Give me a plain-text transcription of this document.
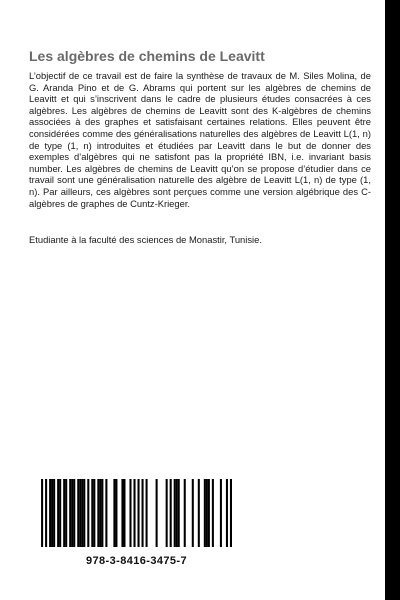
Les algèbres de chemins de Leavitt

L’objectif de ce travail est de faire la synthèse de travaux de M. Siles Molina, de G. Aranda Pino et de G. Abrams qui portent sur les algèbres de chemins de Leavitt et qui s’inscrivent dans le cadre de plusieurs études consacrées à ces algèbres. Les algèbres de chemins de Leavitt sont des K-algèbres de chemins associées à des graphes et satisfaisant certaines relations. Elles peuvent être considérées comme des généralisations naturelles des algèbres de Leavitt L(1, n) de type (1, n) introduites et étudiées par Leavitt dans le but de donner des exemples d’algèbres qui ne satisfont pas la propriété IBN, i.e. invariant basis number. Les algèbres de chemins de Leavitt qu’on se propose d’étudier dans ce travail sont une généralisation naturelle des algèbre de Leavitt L(1, n) de type (1, n). Par ailleurs, ces algèbres sont perçues comme une version algébrique des C-algèbres de graphes de Cuntz-Krieger.

Etudiante à la faculté des sciences de Monastir, Tunisie.

978-3-8416-3475-7
